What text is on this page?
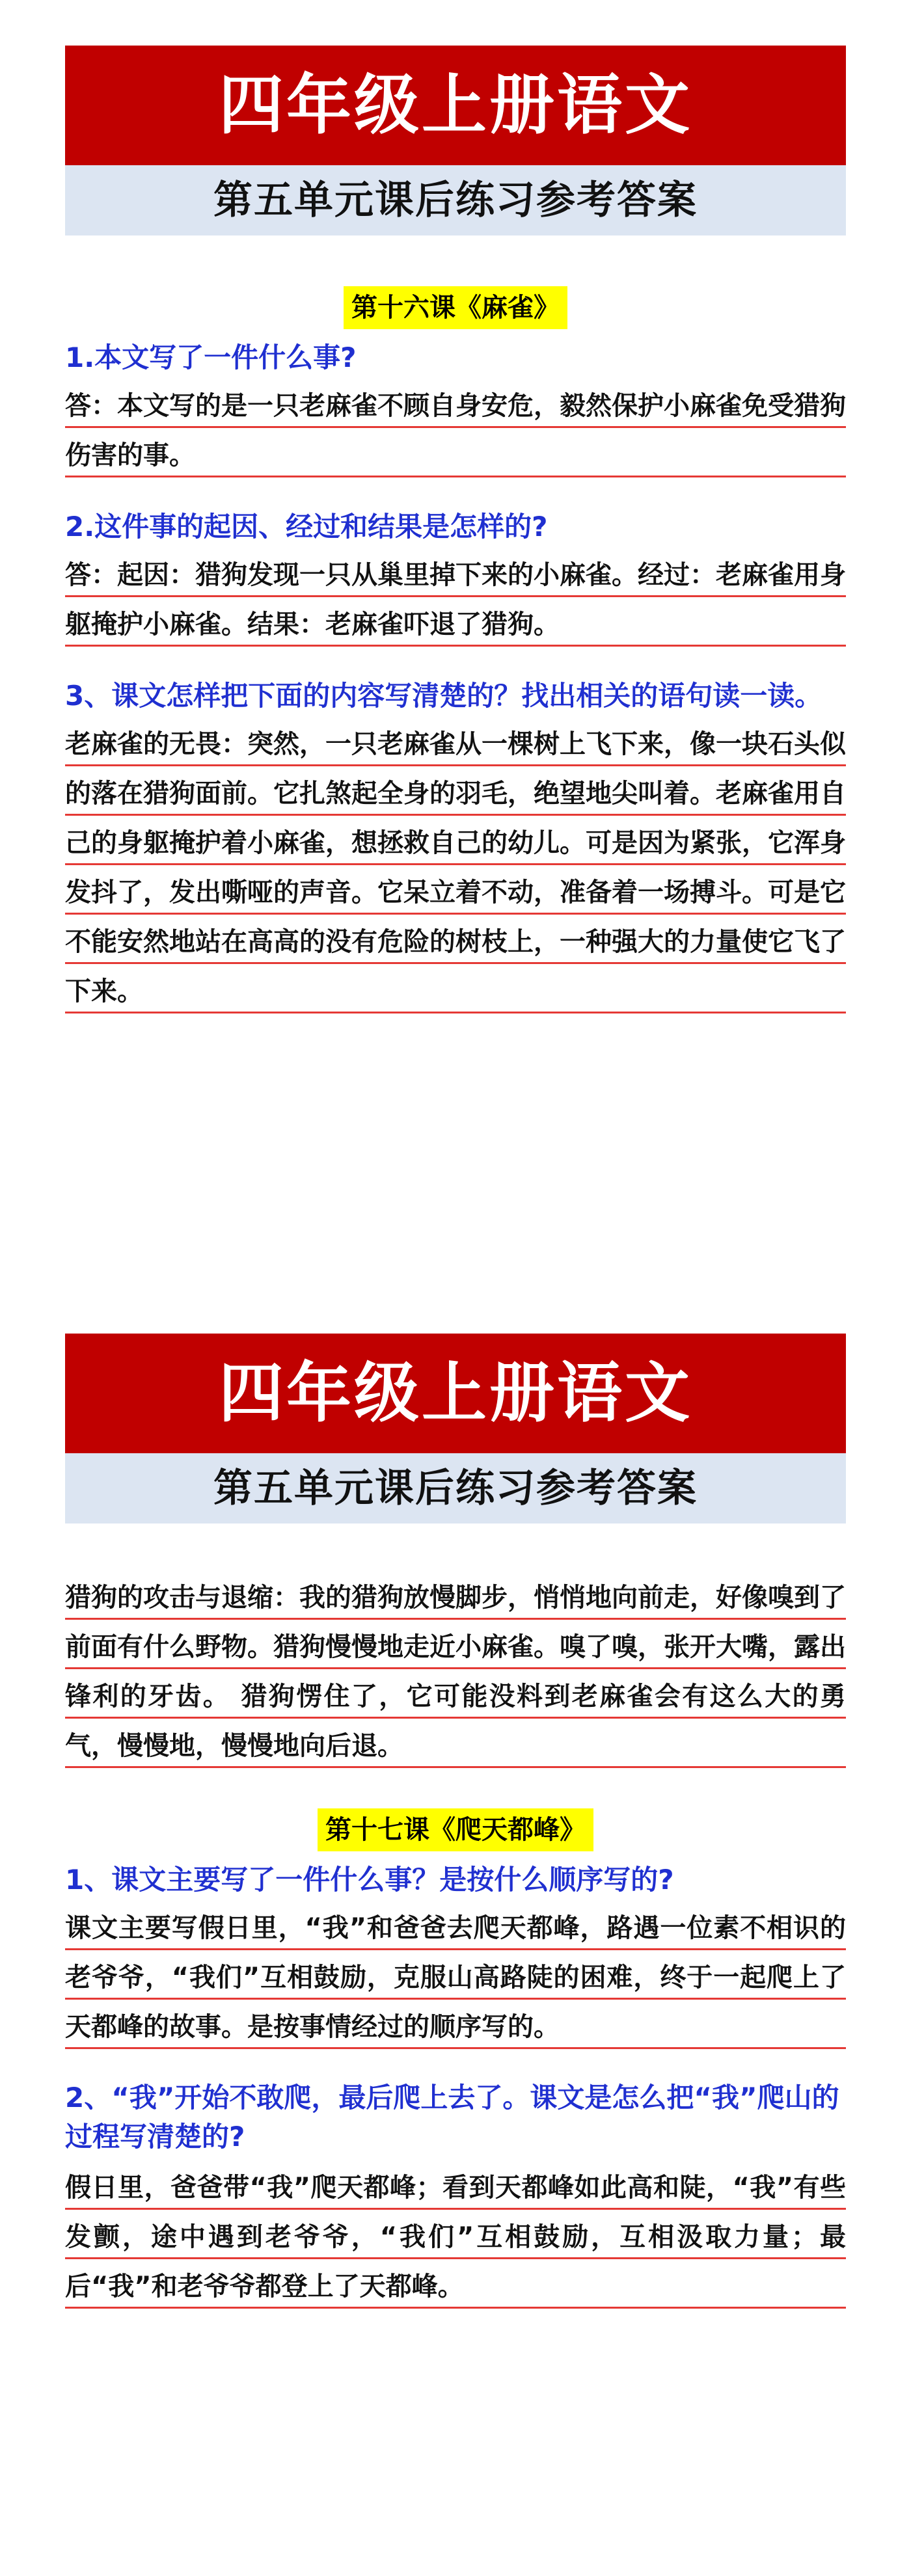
四年级上册语文
第五单元课后练习参考答案
第十六课《麻雀》

1.本文写了一件什么事?

答：本文写的是一只老麻雀不顾自身安危，毅然保护小麻雀免受猎狗伤害的事。

2.这件事的起因、经过和结果是怎样的?

答：起因：猎狗发现一只从巢里掉下来的小麻雀。经过：老麻雀用身躯掩护小麻雀。结果：老麻雀吓退了猎狗。

3、课文怎样把下面的内容写清楚的？找出相关的语句读一读。

老麻雀的无畏：突然，一只老麻雀从一棵树上飞下来，像一块石头似的落在猎狗面前。它扎煞起全身的羽毛，绝望地尖叫着。老麻雀用自己的身躯掩护着小麻雀，想拯救自己的幼儿。可是因为紧张，它浑身发抖了，发出嘶哑的声音。它呆立着不动，准备着一场搏斗。可是它不能安然地站在高高的没有危险的树枝上，一种强大的力量使它飞了下来。

四年级上册语文
第五单元课后练习参考答案

猎狗的攻击与退缩：我的猎狗放慢脚步，悄悄地向前走，好像嗅到了前面有什么野物。猎狗慢慢地走近小麻雀。嗅了嗅，张开大嘴，露出锋利的牙齿。 猎狗愣住了，它可能没料到老麻雀会有这么大的勇气，慢慢地，慢慢地向后退。

第十七课《爬天都峰》

1、课文主要写了一件什么事？是按什么顺序写的?

课文主要写假日里，“我”和爸爸去爬天都峰，路遇一位素不相识的老爷爷，“我们”互相鼓励，克服山高路陡的困难，终于一起爬上了天都峰的故事。是按事情经过的顺序写的。

2、“我”开始不敢爬，最后爬上去了。课文是怎么把“我”爬山的过程写清楚的?

假日里，爸爸带“我”爬天都峰；看到天都峰如此高和陡，“我”有些发颤，途中遇到老爷爷，“我们”互相鼓励，互相汲取力量；最后“我”和老爷爷都登上了天都峰。
